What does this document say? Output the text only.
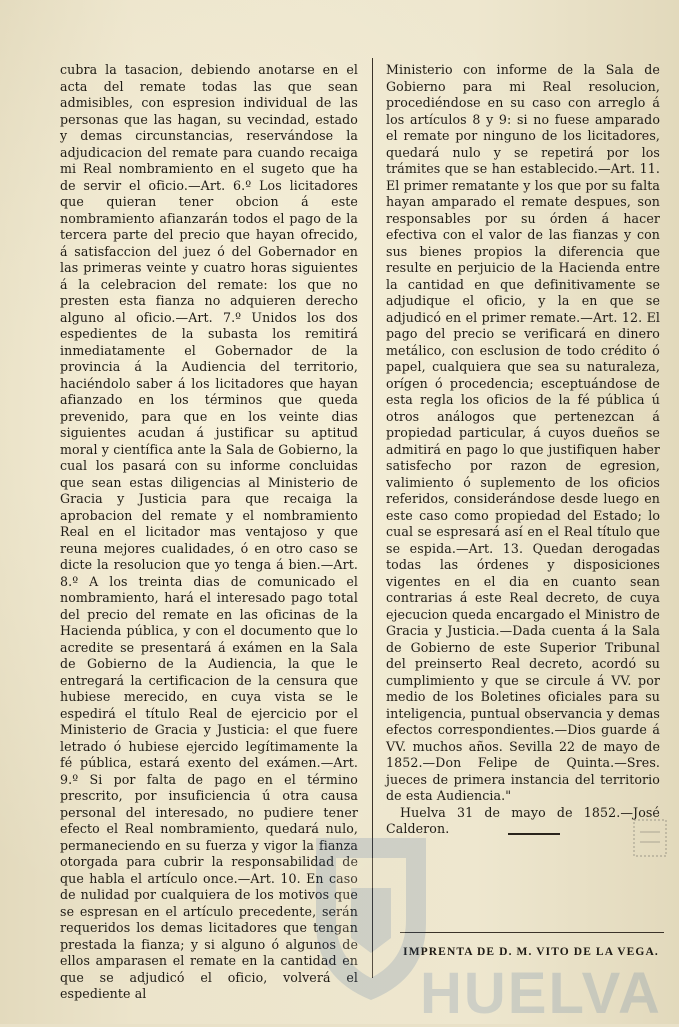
cubra la tasacion, debiendo anotarse en el acta del remate todas las que sean admisibles, con espresion individual de las personas que las hagan, su vecindad, estado y demas circunstancias, reservándose la adjudicacion del remate para cuando recaiga mi Real nombramiento en el sugeto que ha de servir el oficio.—Art. 6.º Los licitadores que quieran tener obcion á este nombramiento afianzarán todos el pago de la tercera parte del precio que hayan ofrecido, á satisfaccion del juez ó del Gobernador en las primeras veinte y cuatro horas siguientes á la celebracion del remate: los que no presten esta fianza no adquieren derecho alguno al oficio.—Art. 7.º Unidos los dos espedientes de la subasta los remitirá inmediatamente el Gobernador de la provincia á la Audiencia del territorio, haciéndolo saber á los licitadores que hayan afianzado en los términos que queda prevenido, para que en los veinte dias siguientes acudan á justificar su aptitud moral y científica ante la Sala de Gobierno, la cual los pasará con su informe concluidas que sean estas diligencias al Ministerio de Gracia y Justicia para que recaiga la aprobacion del remate y el nombramiento Real en el licitador mas ventajoso y que reuna mejores cualidades, ó en otro caso se dicte la resolucion que yo tenga á bien.—Art. 8.º A los treinta dias de comunicado el nombramiento, hará el interesado pago total del precio del remate en las oficinas de la Hacienda pública, y con el documento que lo acredite se presentará á exámen en la Sala de Gobierno de la Audiencia, la que le entregará la certificacion de la censura que hubiese merecido, en cuya vista se le espedirá el título Real de ejercicio por el Ministerio de Gracia y Justicia: el que fuere letrado ó hubiese ejercido legítimamente la fé pública, estará exento del exámen.—Art. 9.º Si por falta de pago en el término prescrito, por insuficiencia ú otra causa personal del interesado, no pudiere tener efecto el Real nombramiento, quedará nulo, permaneciendo en su fuerza y vigor la fianza otorgada para cubrir la responsabilidad de que habla el artículo once.—Art. 10. En caso de nulidad por cualquiera de los motivos que se espresan en el artículo precedente, serán requeridos los demas licitadores que tengan prestada la fianza; y si alguno ó algunos de ellos amparasen el remate en la cantidad en que se adjudicó el oficio, volverá el espediente al

Ministerio con informe de la Sala de Gobierno para mi Real resolucion, procediéndose en su caso con arreglo á los artículos 8 y 9: si no fuese amparado el remate por ninguno de los licitadores, quedará nulo y se repetirá por los trámites que se han establecido.—Art. 11. El primer rematante y los que por su falta hayan amparado el remate despues, son responsables por su órden á hacer efectiva con el valor de las fianzas y con sus bienes propios la diferencia que resulte en perjuicio de la Hacienda entre la cantidad en que definitivamente se adjudique el oficio, y la en que se adjudicó en el primer remate.—Art. 12. El pago del precio se verificará en dinero metálico, con esclusion de todo crédito ó papel, cualquiera que sea su naturaleza, orígen ó procedencia; esceptuándose de esta regla los oficios de la fé pública ú otros análogos que pertenezcan á propiedad particular, á cuyos dueños se admitirá en pago lo que justifiquen haber satisfecho por razon de egresion, valimiento ó suplemento de los oficios referidos, considerándose desde luego en este caso como propiedad del Estado; lo cual se espresará así en el Real título que se espida.—Art. 13. Quedan derogadas todas las órdenes y disposiciones vigentes en el dia en cuanto sean contrarias á este Real decreto, de cuya ejecucion queda encargado el Ministro de Gracia y Justicia.—Dada cuenta á la Sala de Gobierno de este Superior Tribunal del preinserto Real decreto, acordó su cumplimiento y que se circule á VV. por medio de los Boletines oficiales para su inteligencia, puntual observancia y demas efectos correspondientes.—Dios guarde á VV. muchos años. Sevilla 22 de mayo de 1852.—Don Felipe de Quinta.—Sres. jueces de primera instancia del territorio de esta Audiencia."

Huelva 31 de mayo de 1852.—José Calderon.

IMPRENTA DE D. M. VITO DE LA VEGA.
HUELVA
